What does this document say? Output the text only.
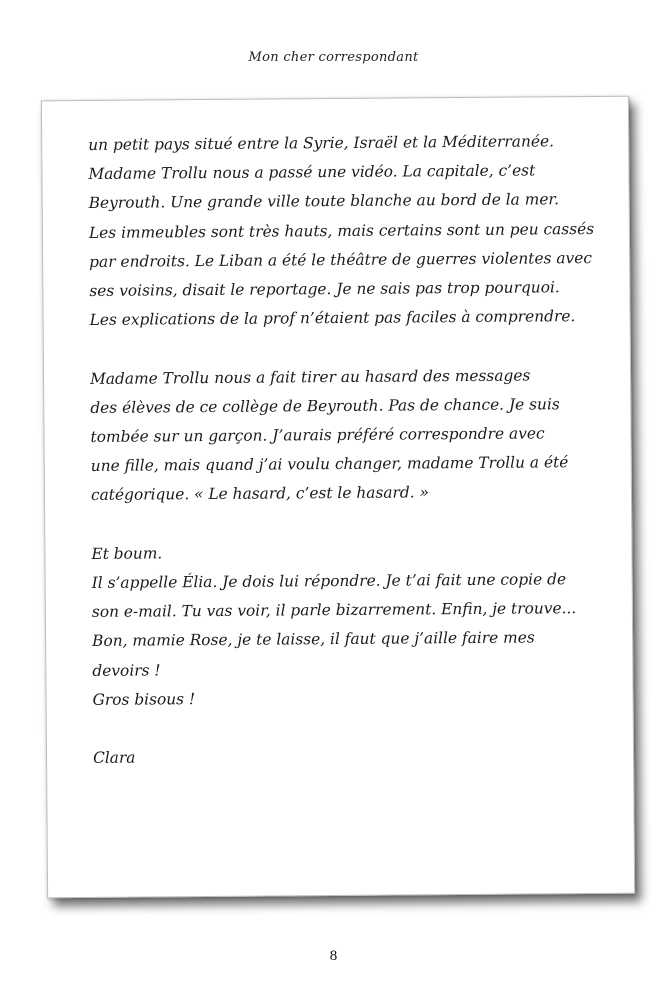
Mon cher correspondant
un petit pays situé entre la Syrie, Israël et la Méditerranée.
Madame Trollu nous a passé une vidéo. La capitale, c’est
Beyrouth. Une grande ville toute blanche au bord de la mer.
Les immeubles sont très hauts, mais certains sont un peu cassés
par endroits. Le Liban a été le théâtre de guerres violentes avec
ses voisins, disait le reportage. Je ne sais pas trop pourquoi.
Les explications de la prof n’étaient pas faciles à comprendre.
Madame Trollu nous a fait tirer au hasard des messages
des élèves de ce collège de Beyrouth. Pas de chance. Je suis
tombée sur un garçon. J’aurais préféré correspondre avec
une fille, mais quand j’ai voulu changer, madame Trollu a été
catégorique. « Le hasard, c’est le hasard. »
Et boum.
Il s’appelle Élia. Je dois lui répondre. Je t’ai fait une copie de
son e-mail. Tu vas voir, il parle bizarrement. Enfin, je trouve...
Bon, mamie Rose, je te laisse, il faut que j’aille faire mes
devoirs !
Gros bisous !
Clara
8
